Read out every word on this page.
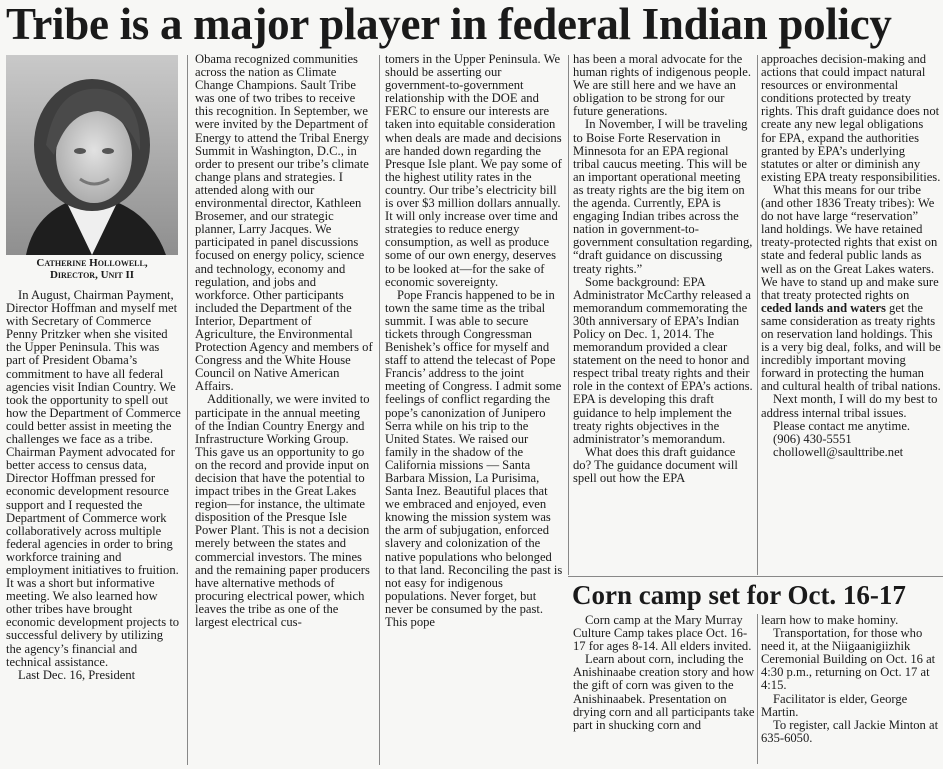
Tribe is a major player in federal Indian policy
Catherine Hollowell,
Director, Unit II

In August, Chairman Payment, Director Hoffman and myself met with Secretary of Commerce Penny Pritzker when she visited the Upper Peninsula. This was part of President Obama’s commitment to have all federal agencies visit Indian Country. We took the opportunity to spell out how the Department of Commerce could better assist in meeting the challenges we face as a tribe. Chairman Payment advocated for better access to census data, Director Hoffman pressed for economic development resource support and I requested the Department of Commerce work collaboratively across multiple federal agencies in order to bring workforce training and employment initiatives to fruition. It was a short but informative meeting. We also learned how other tribes have brought economic development projects to successful delivery by utilizing the agency’s financial and technical assistance.

Last Dec. 16, President

Obama recognized communities across the nation as Climate Change Champions. Sault Tribe was one of two tribes to receive this recognition. In September, we were invited by the Department of Energy to attend the Tribal Energy Summit in Washington, D.C., in order to present our tribe’s climate change plans and strategies. I attended along with our environmental director, Kathleen Brosemer, and our strategic planner, Larry Jacques. We participated in panel discussions focused on energy policy, science and technology, economy and regulation, and jobs and workforce. Other participants included the Department of the Interior, Department of Agriculture, the Environmental Protection Agency and members of Congress and the White House Council on Native American Affairs.

Additionally, we were invited to participate in the annual meeting of the Indian Country Energy and Infrastructure Working Group. This gave us an opportunity to go on the record and provide input on decision that have the potential to impact tribes in the Great Lakes region—for instance, the ultimate disposition of the Presque Isle Power Plant. This is not a decision merely between the states and commercial investors. The mines and the remaining paper producers have alternative methods of procuring electrical power, which leaves the tribe as one of the largest electrical cus-

tomers in the Upper Peninsula. We should be asserting our government-to-government relationship with the DOE and FERC to ensure our interests are taken into equitable consideration when deals are made and decisions are handed down regarding the Presque Isle plant. We pay some of the highest utility rates in the country. Our tribe’s electricity bill is over $3 million dollars annually. It will only increase over time and strategies to reduce energy consumption, as well as produce some of our own energy, deserves to be looked at—for the sake of economic sovereignty.

Pope Francis happened to be in town the same time as the tribal summit. I was able to secure tickets through Congressman Benishek’s office for myself and staff to attend the telecast of Pope Francis’ address to the joint meeting of Congress. I admit some feelings of conflict regarding the pope’s canonization of Junipero Serra while on his trip to the United States. We raised our family in the shadow of the California missions — Santa Barbara Mission, La Purisima, Santa Inez. Beautiful places that we embraced and enjoyed, even knowing the mission system was the arm of subjugation, enforced slavery and colonization of the native populations who belonged to that land. Reconciling the past is not easy for indigenous populations. Never forget, but never be consumed by the past. This pope

has been a moral advocate for the human rights of indigenous people. We are still here and we have an obligation to be strong for our future generations.

In November, I will be traveling to Boise Forte Reservation in Minnesota for an EPA regional tribal caucus meeting. This will be an important operational meeting as treaty rights are the big item on the agenda. Currently, EPA is engaging Indian tribes across the nation in government-to-government consultation regarding, “draft guidance on discussing treaty rights.”

Some background: EPA Administrator McCarthy released a memorandum commemorating the 30th anniversary of EPA’s Indian Policy on Dec. 1, 2014. The memorandum provided a clear statement on the need to honor and respect tribal treaty rights and their role in the context of EPA’s actions. EPA is developing this draft guidance to help implement the treaty rights objectives in the administrator’s memorandum.

What does this draft guidance do? The guidance document will spell out how the EPA

approaches decision-making and actions that could impact natural resources or environmental conditions protected by treaty rights. This draft guidance does not create any new legal obligations for EPA, expand the authorities granted by EPA’s underlying statutes or alter or diminish any existing EPA treaty responsibilities.

What this means for our tribe (and other 1836 Treaty tribes): We do not have large “reservation” land holdings. We have retained treaty-protected rights that exist on state and federal public lands as well as on the Great Lakes waters. We have to stand up and make sure that treaty protected rights on ceded lands and waters get the same consideration as treaty rights on reservation land holdings. This is a very big deal, folks, and will be incredibly important moving forward in protecting the human and cultural health of tribal nations.

Next month, I will do my best to address internal tribal issues.

Please contact me anytime.

(906) 430-5551

chollowell@saulttribe.net

Corn camp set for Oct. 16-17

Corn camp at the Mary Murray Culture Camp takes place Oct. 16-17 for ages 8-14. All elders invited.

Learn about corn, including the Anishinaabe creation story and how the gift of corn was given to the Anishinaabek. Presentation on drying corn and all participants take part in shucking corn and

learn how to make hominy.

Transportation, for those who need it, at the Niigaanigiizhik Ceremonial Building on Oct. 16 at 4:30 p.m., returning on Oct. 17 at 4:15.

Facilitator is elder, George Martin.

To register, call Jackie Minton at 635-6050.
